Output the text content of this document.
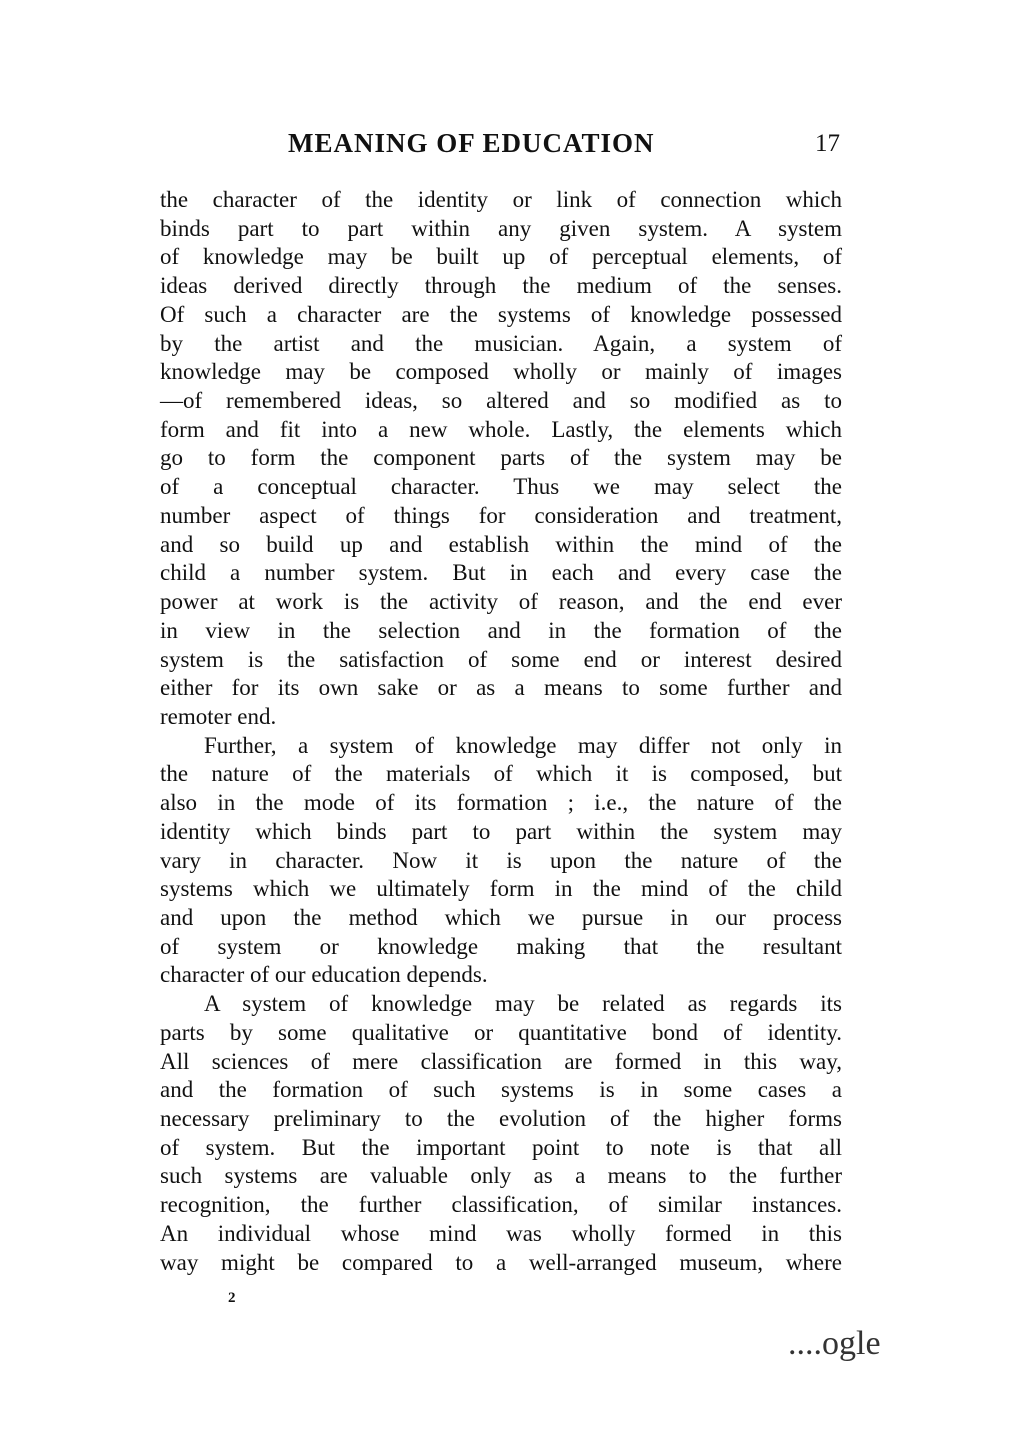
MEANING OF EDUCATION	17
the character of the identity or link of connection which
binds part to part within any given system. A system
of knowledge may be built up of perceptual elements, of
ideas derived directly through the medium of the senses.
Of such a character are the systems of knowledge possessed
by the artist and the musician. Again, a system of
knowledge may be composed wholly or mainly of images
—of remembered ideas, so altered and so modified as to
form and fit into a new whole. Lastly, the elements which
go to form the component parts of the system may be
of a conceptual character. Thus we may select the
number aspect of things for consideration and treatment,
and so build up and establish within the mind of the
child a number system. But in each and every case the
power at work is the activity of reason, and the end ever
in view in the selection and in the formation of the
system is the satisfaction of some end or interest desired
either for its own sake or as a means to some further and
remoter end.
Further, a system of knowledge may differ not only in
the nature of the materials of which it is composed, but
also in the mode of its formation ; i.e., the nature of the
identity which binds part to part within the system may
vary in character. Now it is upon the nature of the
systems which we ultimately form in the mind of the child
and upon the method which we pursue in our process
of system or knowledge making that the resultant
character of our education depends.
A system of knowledge may be related as regards its
parts by some qualitative or quantitative bond of identity.
All sciences of mere classification are formed in this way,
and the formation of such systems is in some cases a
necessary preliminary to the evolution of the higher forms
of system. But the important point to note is that all
such systems are valuable only as a means to the further
recognition, the further classification, of similar instances.
An individual whose mind was wholly formed in this
way might be compared to a well-arranged museum, where
2
....ogle
